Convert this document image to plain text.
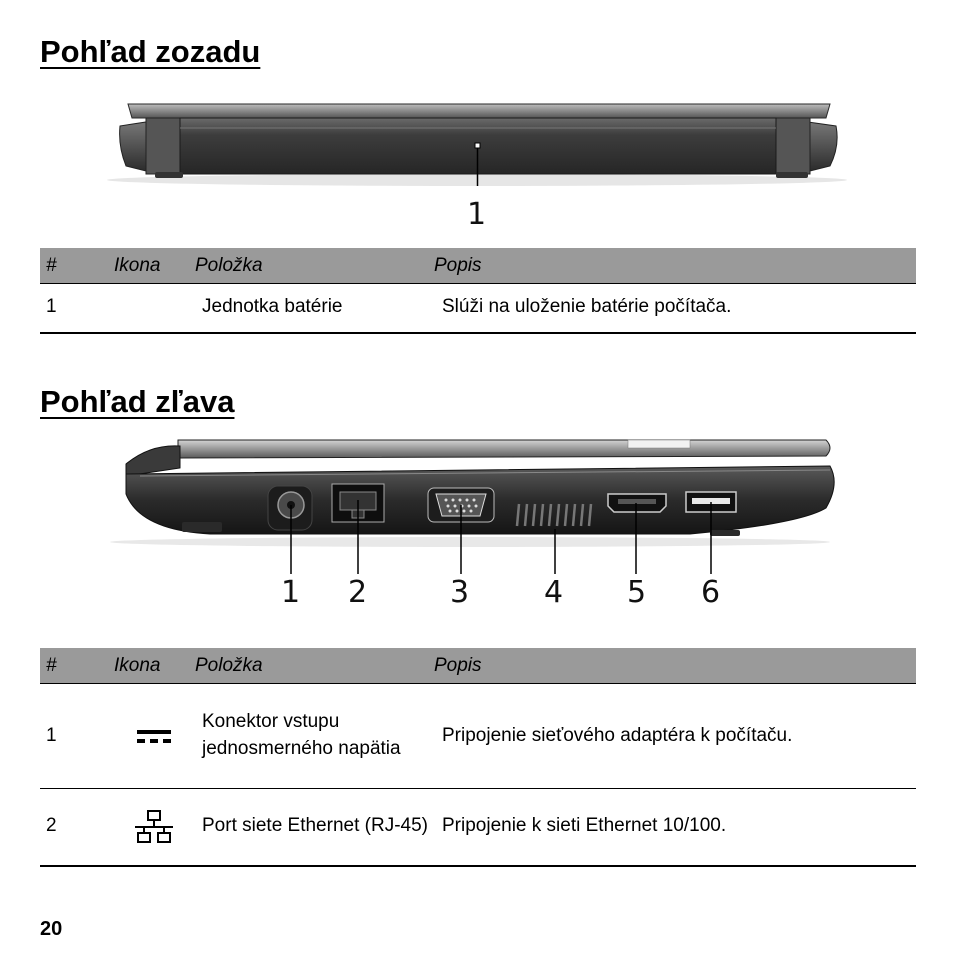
Pohľad zozadu
1
#	Ikona	Položka	Popis
1		Jednotka batérie	Slúži na uloženie batérie počítača.
Pohľad zľava
1 2	3 4 5 6
#	Ikona	Položka	Popis
1		Konektor vstupu jednosmerného napätia	Pripojenie sieťového adaptéra k počítaču.
2		Port siete Ethernet (RJ-45)	Pripojenie k sieti Ethernet 10/100.
20
